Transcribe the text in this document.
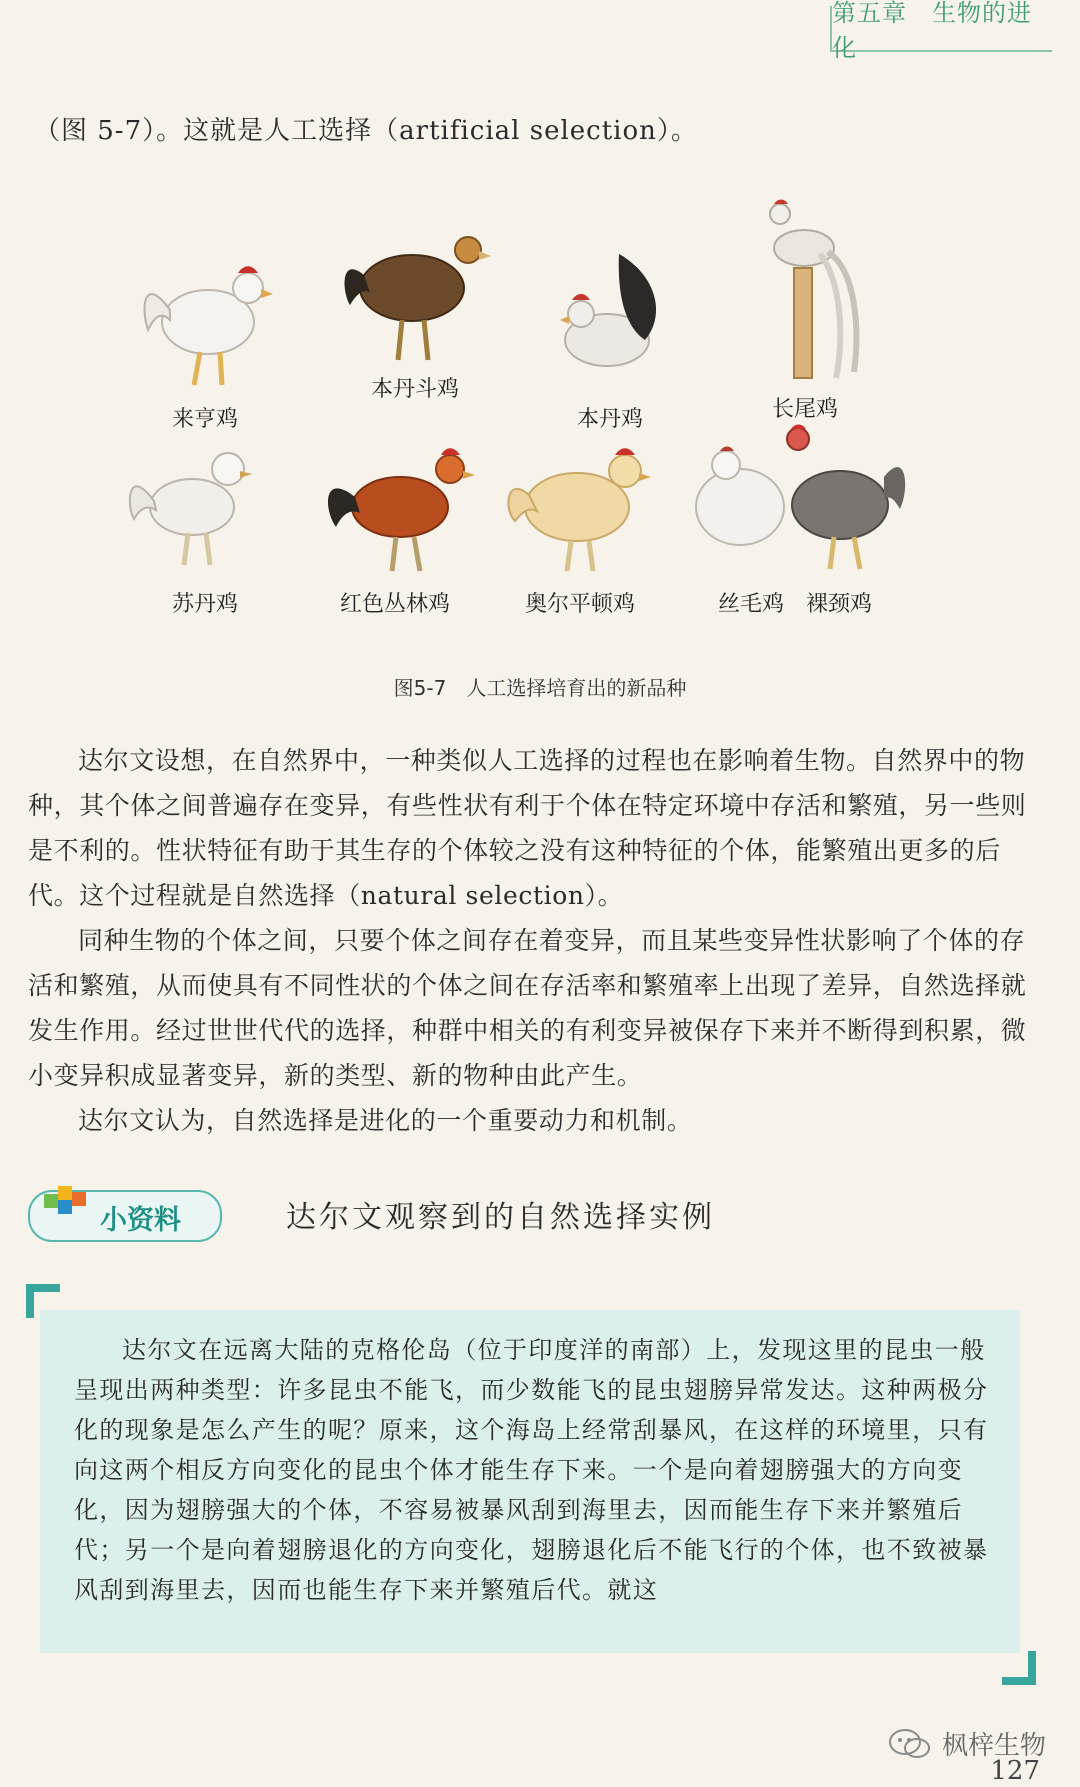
第五章　生物的进化
（图 5-7）。这就是人工选择（artificial selection）。
来亨鸡
本丹斗鸡
本丹鸡	长尾鸡
苏丹鸡	红色丛林鸡	奥尔平顿鸡	丝毛鸡　裸颈鸡
图5-7　人工选择培育出的新品种

达尔文设想，在自然界中，一种类似人工选择的过程也在影响着生物。自然界中的物种，其个体之间普遍存在变异，有些性状有利于个体在特定环境中存活和繁殖，另一些则是不利的。性状特征有助于其生存的个体较之没有这种特征的个体，能繁殖出更多的后代。这个过程就是自然选择（natural selection）。

同种生物的个体之间，只要个体之间存在着变异，而且某些变异性状影响了个体的存活和繁殖，从而使具有不同性状的个体之间在存活率和繁殖率上出现了差异，自然选择就发生作用。经过世世代代的选择，种群中相关的有利变异被保存下来并不断得到积累，微小变异积成显著变异，新的类型、新的物种由此产生。

达尔文认为，自然选择是进化的一个重要动力和机制。

小资料	达尔文观察到的自然选择实例

达尔文在远离大陆的克格伦岛（位于印度洋的南部）上，发现这里的昆虫一般呈现出两种类型：许多昆虫不能飞，而少数能飞的昆虫翅膀异常发达。这种两极分化的现象是怎么产生的呢？原来，这个海岛上经常刮暴风，在这样的环境里，只有向这两个相反方向变化的昆虫个体才能生存下来。一个是向着翅膀强大的方向变化，因为翅膀强大的个体，不容易被暴风刮到海里去，因而能生存下来并繁殖后代；另一个是向着翅膀退化的方向变化，翅膀退化后不能飞行的个体，也不致被暴风刮到海里去，因而也能生存下来并繁殖后代。就这

枫梓生物
127
